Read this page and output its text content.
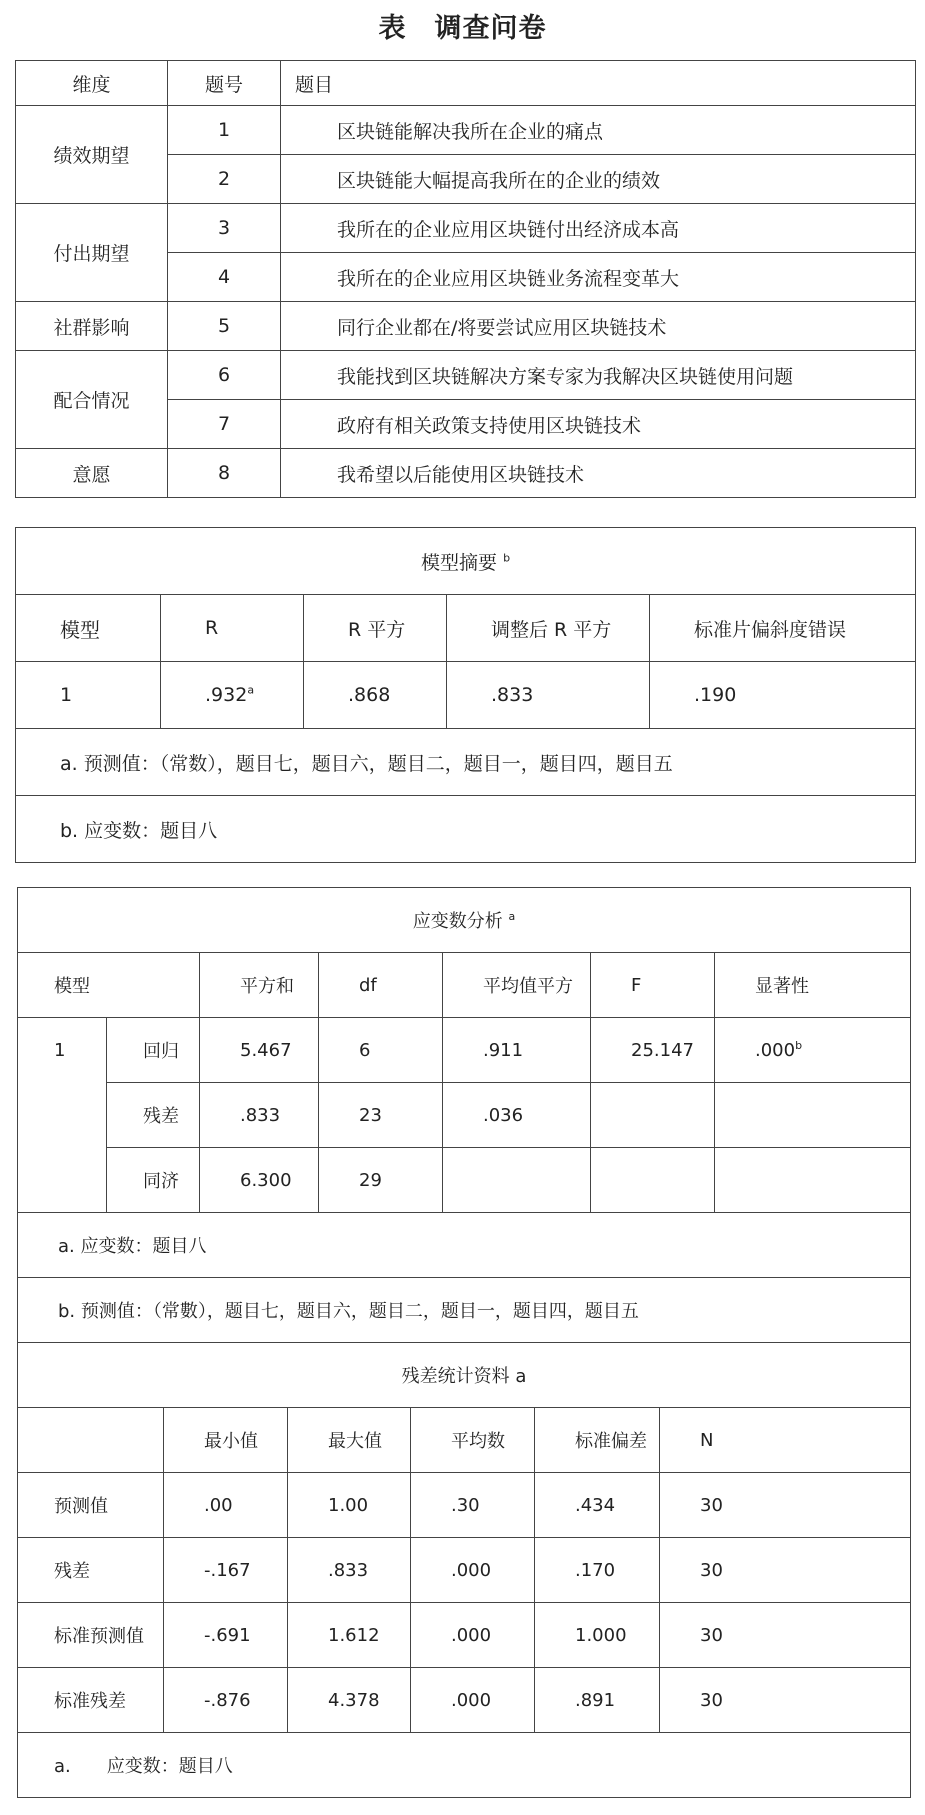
表　调查问卷
维度	题号	题目
绩效期望	1	区块链能解决我所在企业的痛点
	2	区块链能大幅提高我所在的企业的绩效
付出期望	3	我所在的企业应用区块链付出经济成本高
	4	我所在的企业应用区块链业务流程变革大
社群影响	5	同行企业都在/将要尝试应用区块链技术
配合情况	6	我能找到区块链解决方案专家为我解决区块链使用问题
	7	政府有相关政策支持使用区块链技术
意愿	8	我希望以后能使用区块链技术
模型摘要 $^b$
模型	R	R 平方	调整后 R 平方	标准片偏斜度错误
1	.932$^a$	.868	.833	.190
a. 预测值：（常数），题目七，题目六，题目二，题目一，题目四，题目五				
b. 应变数：题目八				
应变数分析 $^a$
模型		平方和	df	平均值平方	F	显著性
1	回归	5.467	6	.911	25.147	.000$^b$
	残差	.833	23	.036		
	同济	6.300	29			
a. 应变数：题目八						
b. 预测值：（常數），题目七，题目六，题目二，题目一，题目四，题目五						
残差统计资料 a					
	最小值	最大值	平均数	标准偏差	N
预测值	.00	1.00	.30	.434	30
残差	-.167	.833	.000	.170	30
标准预测值	-.691	1.612	.000	1.000	30
标准残差	-.876	4.378	.000	.891	30
a.　　应变数：题目八					
